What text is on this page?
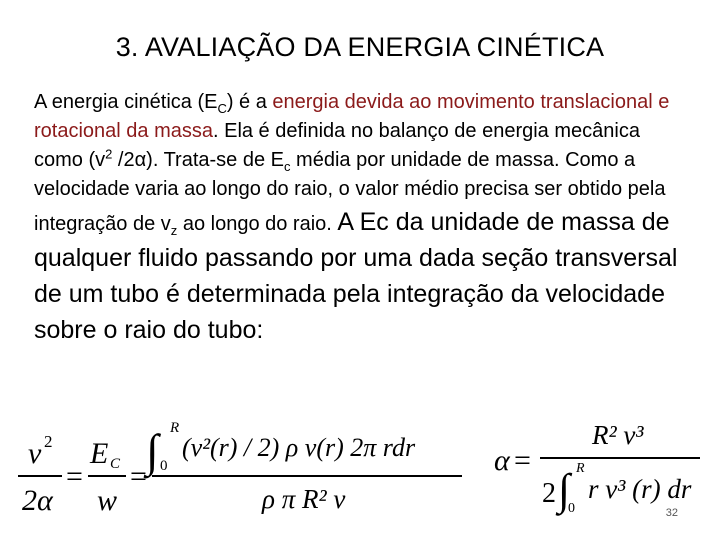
3. AVALIAÇÃO DA ENERGIA CINÉTICA
A energia cinética $(E_C)$ é a energia devida ao movimento translacional e rotacional da massa. Ela é definida no balanço de energia mecânica como ($v^2$ /2α). Trata-se de $E_c$ média por unidade de massa. Como a velocidade varia ao longo do raio, o valor médio precisa ser obtido pela integração de $v_z$ ao longo do raio. A Ec da unidade de massa de qualquer fluido passando por uma dada seção transversal de um tubo é determinada pela integração da velocidade sobre o raio do tubo:
v 2
2α
=
E C
w
=
∫ R
0
(v²(r) / 2) ρ v(r) 2π rdr
ρ π R² v
α =
R² v³
2 ∫ R
0
r v³ (r) dr
32
